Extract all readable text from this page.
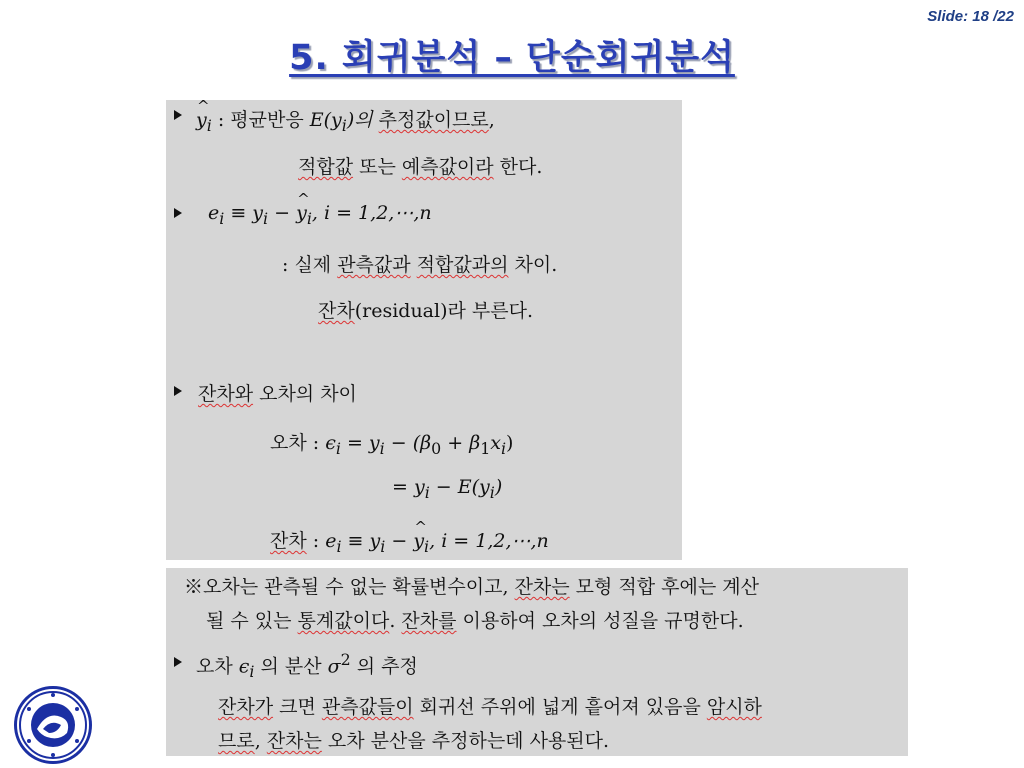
Slide: 18 /22
5. 회귀분석 – 단순회귀분석
^ $y_i$ : 평균반응 $E(y_i)$의 추정값이므로,
적합값 또는 예측값이라 한다.
$e_i \equiv y_i$ − ^ $y_i$, i = 1,2,⋯,n
: 실제 관측값과 적합값과의 차이.
잔차(residual)라 부른다.
잔차와 오차의 차이
오차 : $\epsilon_i = y_i - (\beta_0 + \beta_1x_i)$
= $y_i - E(y_i)$
잔차 : $e_i \equiv y_i$ − ^ $y_i$, i = 1,2,⋯,n
※오차는 관측될 수 없는 확률변수이고, 잔차는 모형 적합 후에는 계산
될 수 있는 통계값이다. 잔차를 이용하여 오차의 성질을 규명한다.
오차 $\epsilon_i$ 의 분산 $\sigma^2$ 의 추정
잔차가 크면 관측값들이 회귀선 주위에 넓게 흩어져 있음을 암시하
므로, 잔차는 오차 분산을 추정하는데 사용된다.
